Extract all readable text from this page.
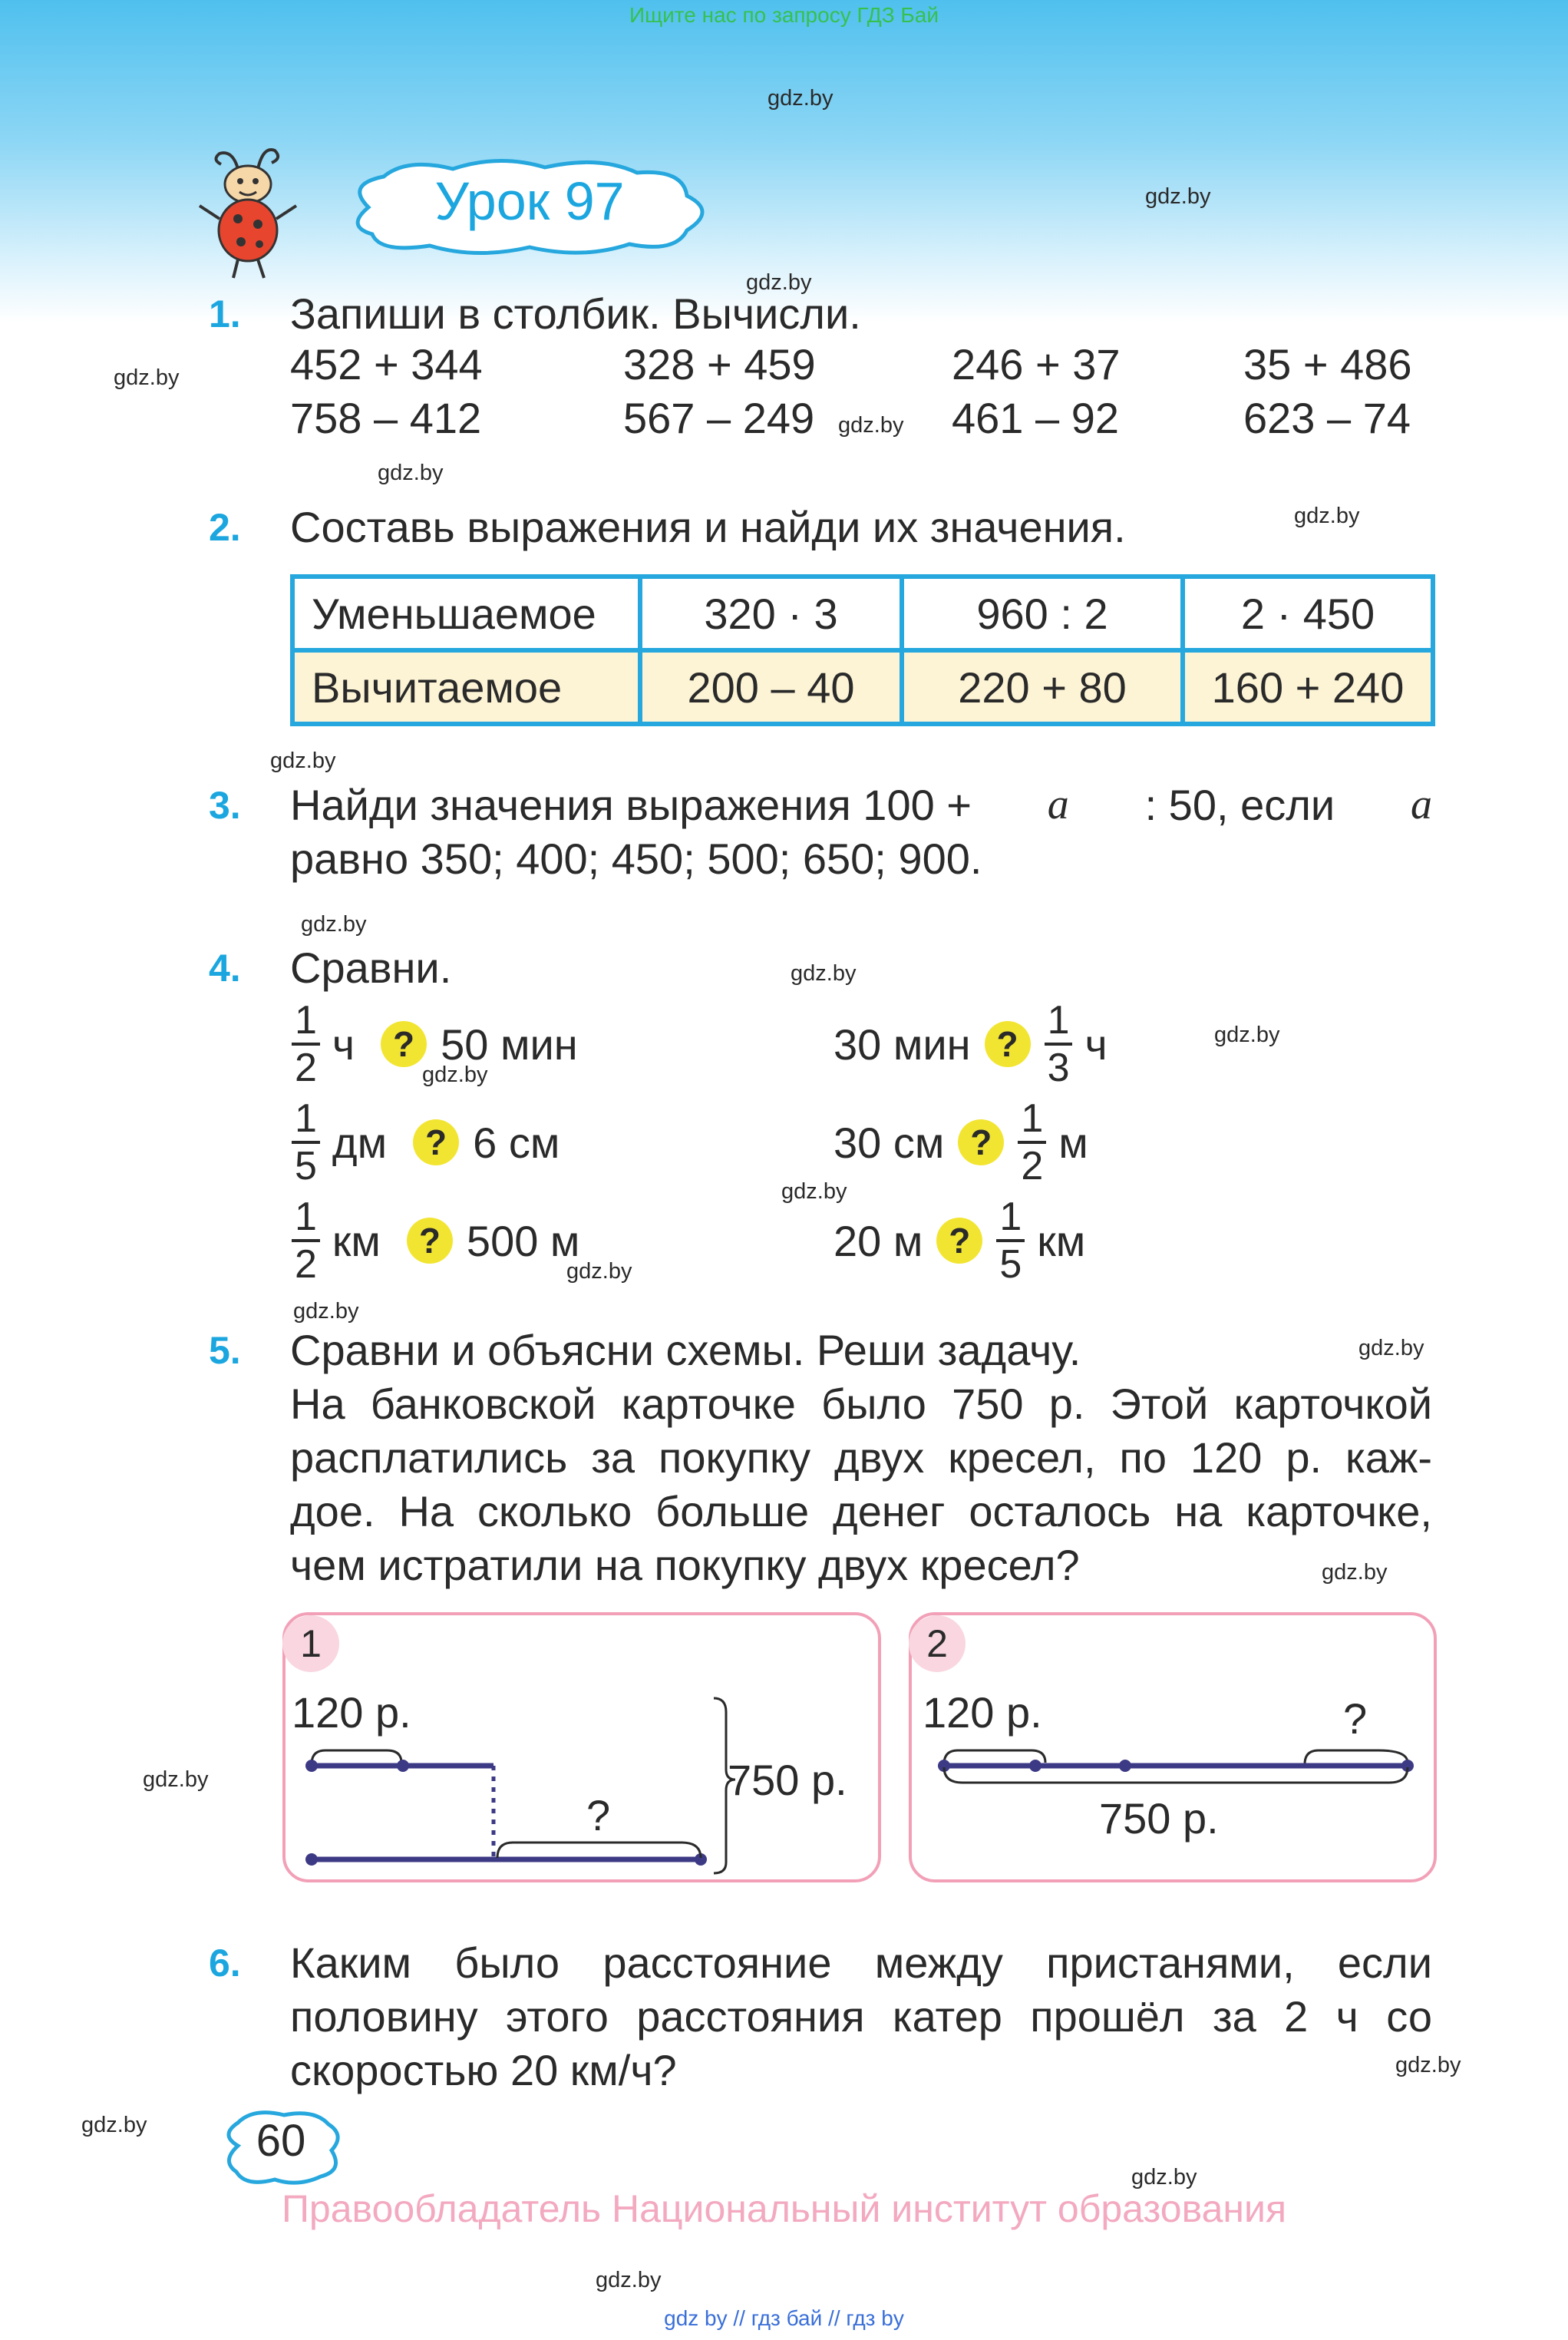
Ищите нас по запросу ГДЗ Бай
Урок 97
gdz.by
gdz.by
gdz.by
gdz.by
gdz.by
gdz.by
gdz.by
gdz.by
gdz.by
gdz.by
gdz.by
gdz.by
gdz.by
gdz.by
gdz.by
gdz.by
gdz.by
gdz.by
gdz.by
gdz.by
gdz.by
gdz.by
1. Запиши в столбик. Вычисли.
452 + 344	328 + 459	246 + 37	35 + 486
758 – 412	567 – 249	461 – 92	623 – 74
2. Составь выражения и найди их значения.
Уменьшаемое	320 · 3	960 : 2	2 · 450
Вычитаемое	200 – 40	220 + 80	160 + 240
3. Найди значения выражения 100 + a : 50, если a
равно 350; 400; 450; 500; 650; 900.
4. Сравни.
$\frac{1}{2}$ ч	? 50 мин
$\frac{1}{5}$ дм	? 6 см
$\frac{1}{2}$ км	? 500 м
30 мин ? $\frac{1}{3}$ ч
30 см ? $\frac{1}{2}$ м
20 м ? $\frac{1}{5}$ км
5. Сравни и объясни схемы. Реши задачу.
На банковской карточке было 750 р. Этой карточкой
расплатились за покупку двух кресел, по 120 р. каж-
дое. На сколько больше денег осталось на карточке,
чем истратили на покупку двух кресел?
1
120 р.
750 р.
?
2
120 р.	?
750 р.
6. Каким было расстояние между пристанями, если
половину этого расстояния катер прошёл за 2 ч со
скоростью 20 км/ч?
60
Правообладатель Национальный институт образования
gdz by // гдз бай // гдз by
